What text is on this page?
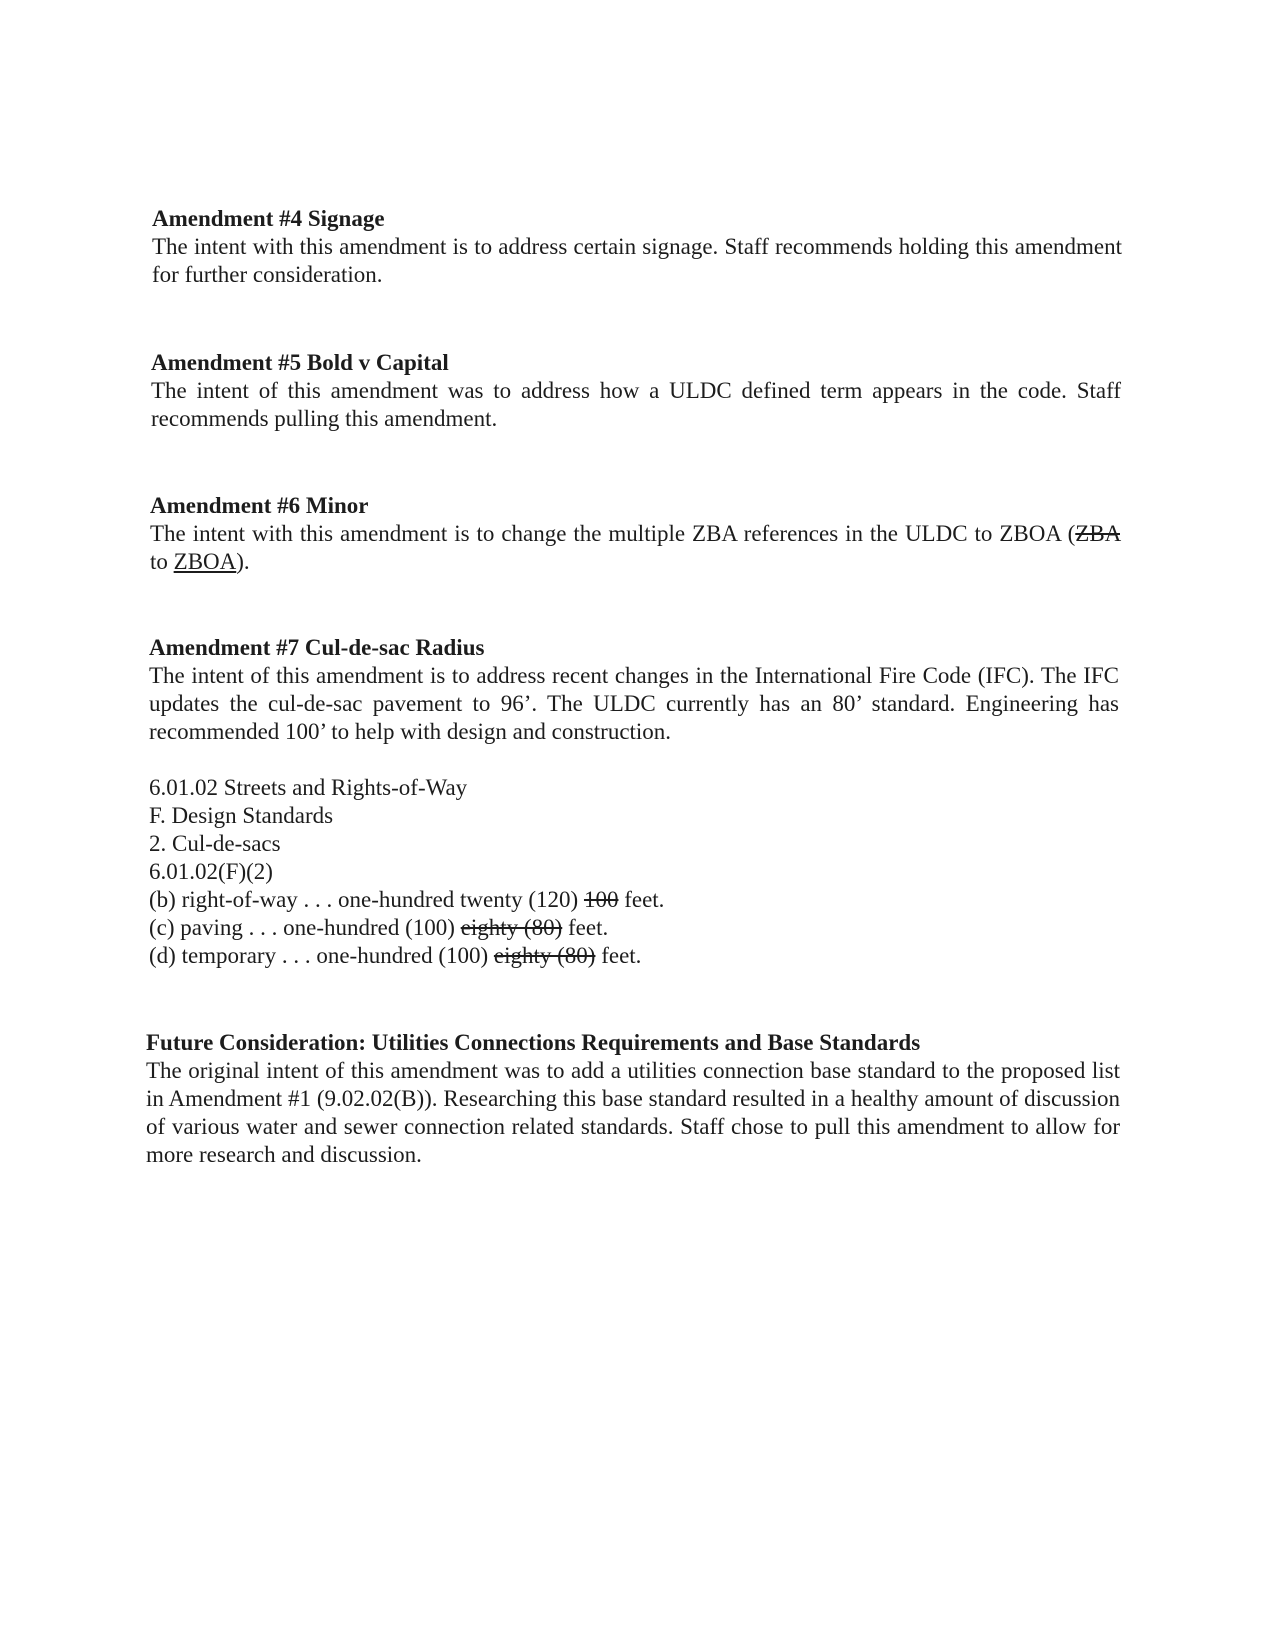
Amendment #4 Signage

The intent with this amendment is to address certain signage. Staff recommends holding this amendment for further consideration.

Amendment #5 Bold v Capital

The intent of this amendment was to address how a ULDC defined term appears in the code. Staff recommends pulling this amendment.

Amendment #6 Minor

The intent with this amendment is to change the multiple ZBA references in the ULDC to ZBOA (ZBA to ZBOA).

Amendment #7 Cul-de-sac Radius

The intent of this amendment is to address recent changes in the International Fire Code (IFC). The IFC updates the cul-de-sac pavement to 96’. The ULDC currently has an 80’ standard. Engineering has recommended 100’ to help with design and construction.

6.01.02 Streets and Rights-of-Way

F. Design Standards

2. Cul-de-sacs

6.01.02(F)(2)

(b) right-of-way . . . one-hundred twenty (120) 100 feet.

(c) paving . . . one-hundred (100) eighty (80) feet.

(d) temporary . . . one-hundred (100) eighty (80) feet.

Future Consideration: Utilities Connections Requirements and Base Standards

The original intent of this amendment was to add a utilities connection base standard to the proposed list in Amendment #1 (9.02.02(B)). Researching this base standard resulted in a healthy amount of discussion of various water and sewer connection related standards. Staff chose to pull this amendment to allow for more research and discussion.
